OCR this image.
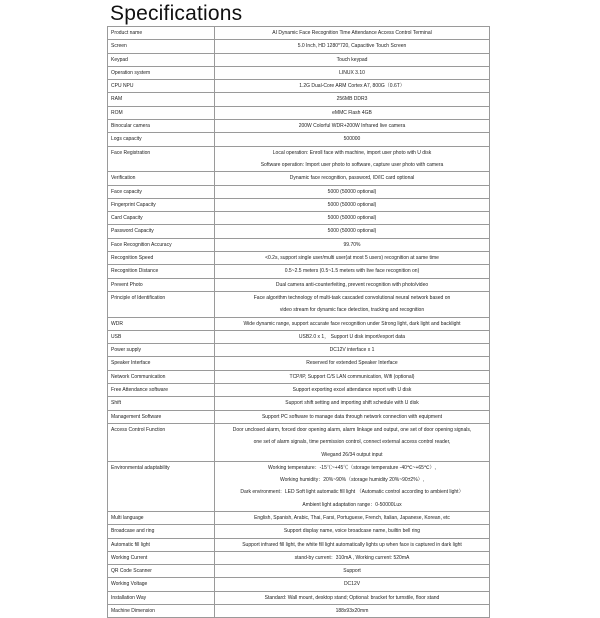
Specifications
Product name	AI Dynamic Face Recognition Time Attendance Access Control Terminal

Screen	5.0 Inch, HD 1280*720, Capacitive Touch Screen

Keypad	Touch keypad

Operation system	LINUX 3.10

CPU NPU	1.2G Dual-Core ARM Cortex A7, 800G（0.6T）

RAM	256MB DDR3

ROM	eMMC Flash 4GB

Binocular camera	200W Colorful WDR+200W Infrared live camera

Logs capacity	500000

Face Registration	Local operation: Enroll face with machine, import user photo with U disk
Software operation: Import user photo to software, capture user photo with camera

Verification	Dynamic face recognition, password, ID/IC card optional

Face capacity	5000 (50000 optional)

Fingerprint Capacity	5000 (50000 optional)

Card Capacity	5000 (50000 optional)

Password Capacity	5000 (50000 optional)

Face Recognition Accuracy	99.70%

Recognition Speed	<0.2s, support single user/multi user(at most 5 users) recognition at same time

Recognition Distance	0.5~2.5 meters (0.5~1.5 meters with live face recognition on)

Prevent Photo	Dual camera anti-counterfeiting, prevent recognition with photo/video

Principle of Identification	Face algorithm technology of multi-task cascaded convolutional neural network based on
video stream for dynamic face detection, tracking and recognition

WDR	Wide dynamic range, support accurate face recognition under Strong light, dark light and backlight

USB	USB2.0 x 1， Support U disk import/export data

Power supply	DC12V interface x 1

Speaker Interface	Reserved for extended Speaker Interface

Network Communication	TCP/IP, Support C/S LAN communication, Wifi (optional)

Free Attendance software	Support exporting excel attendance report with U disk

Shift	Support shift setting and importing shift schedule with U disk

Management Software	Support PC software to manage data through network connection with equipment

Access Control Function	Door unclosed alarm, forced door opening alarm, alarm linkage and output, one set of door opening signals,
one set of alarm signals, time permission control, connect external access control reader,
Wiegand 26/34 output input

Environmental adaptability	Working temperature：-15℃~+45℃（storage temperature -40℃~+65℃）,
Working humidity：20%~90%（storage humidity 20%~90±2%）,
Dark environment：LED Soft light automatic fill light （Automatic control according to ambient light）
Ambient light adaptation range：0-50000Lux

Multi language	English, Spanish, Arabic, Thai, Farsi, Portuguese, French, Italian, Japanese, Korean, etc

Broadcase and ring	Support display name, voice broadcase name, builtin bell ring

Automatic fill light	Support infrared fill light, the white fill light automatically lights up when face is captured in dark light

Working Current	stand-by current：310mA , Working current: 520mA

QR Code Scanner	Support

Working Voltage	DC12V

Installation Way	Standard: Wall mount, desktop stand; Optional: bracket for turnstile, floor stand

Machine Dimension	188x93x20mm
